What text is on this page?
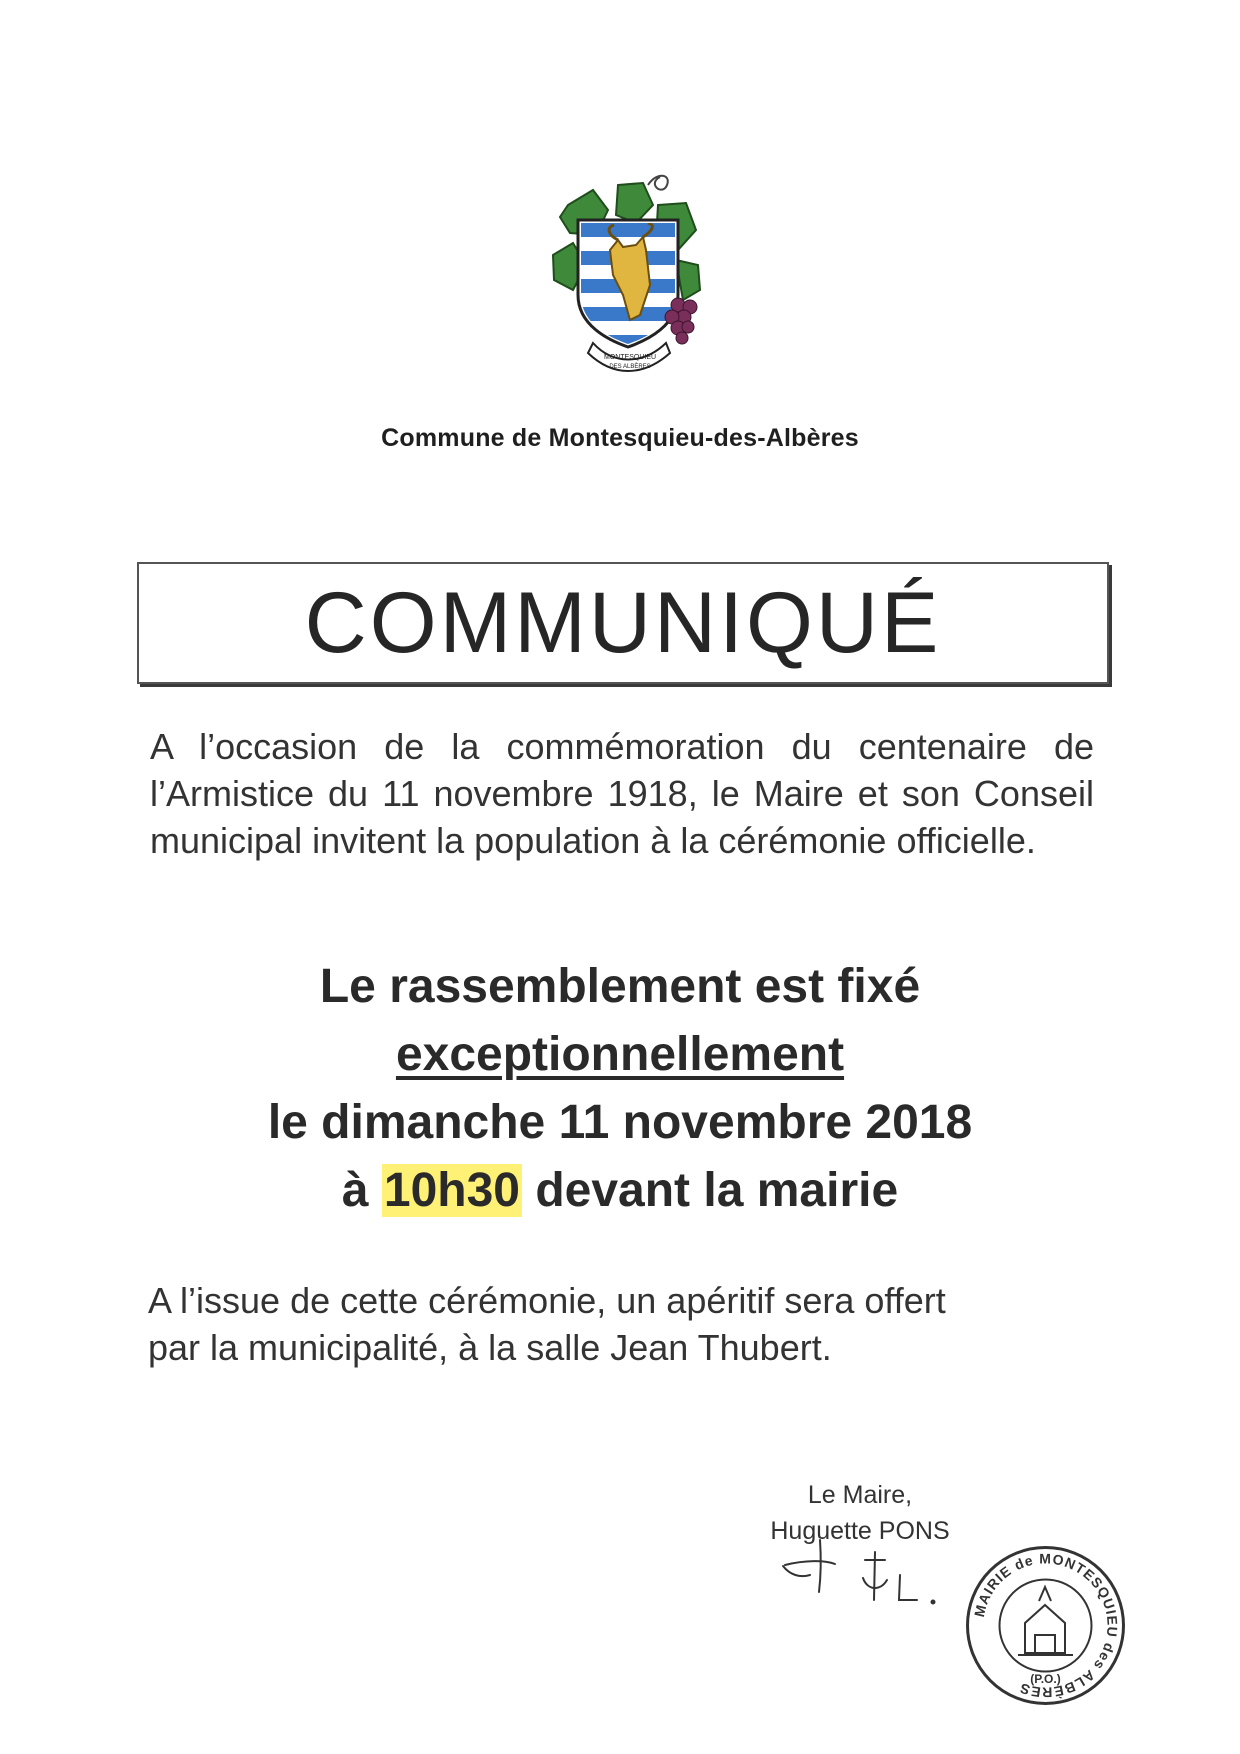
MONTESQUIEU
DES ALBÈRES
Commune de Montesquieu-des-Albères
COMMUNIQUÉ

A l’occasion de la commémoration du centenaire de l’Armistice du 11 novembre 1918, le Maire et son Conseil municipal invitent la population à la cérémonie officielle.

Le rassemblement est fixé
exceptionnellement
le dimanche 11 novembre 2018
à 10h30 devant la mairie
A l’issue de cette cérémonie, un apéritif sera offert
par la municipalité, à la salle Jean Thubert.
Le Maire,
Huguette PONS
MAIRIE de MONTESQUIEU des ALBÈRES
(P.O.)
